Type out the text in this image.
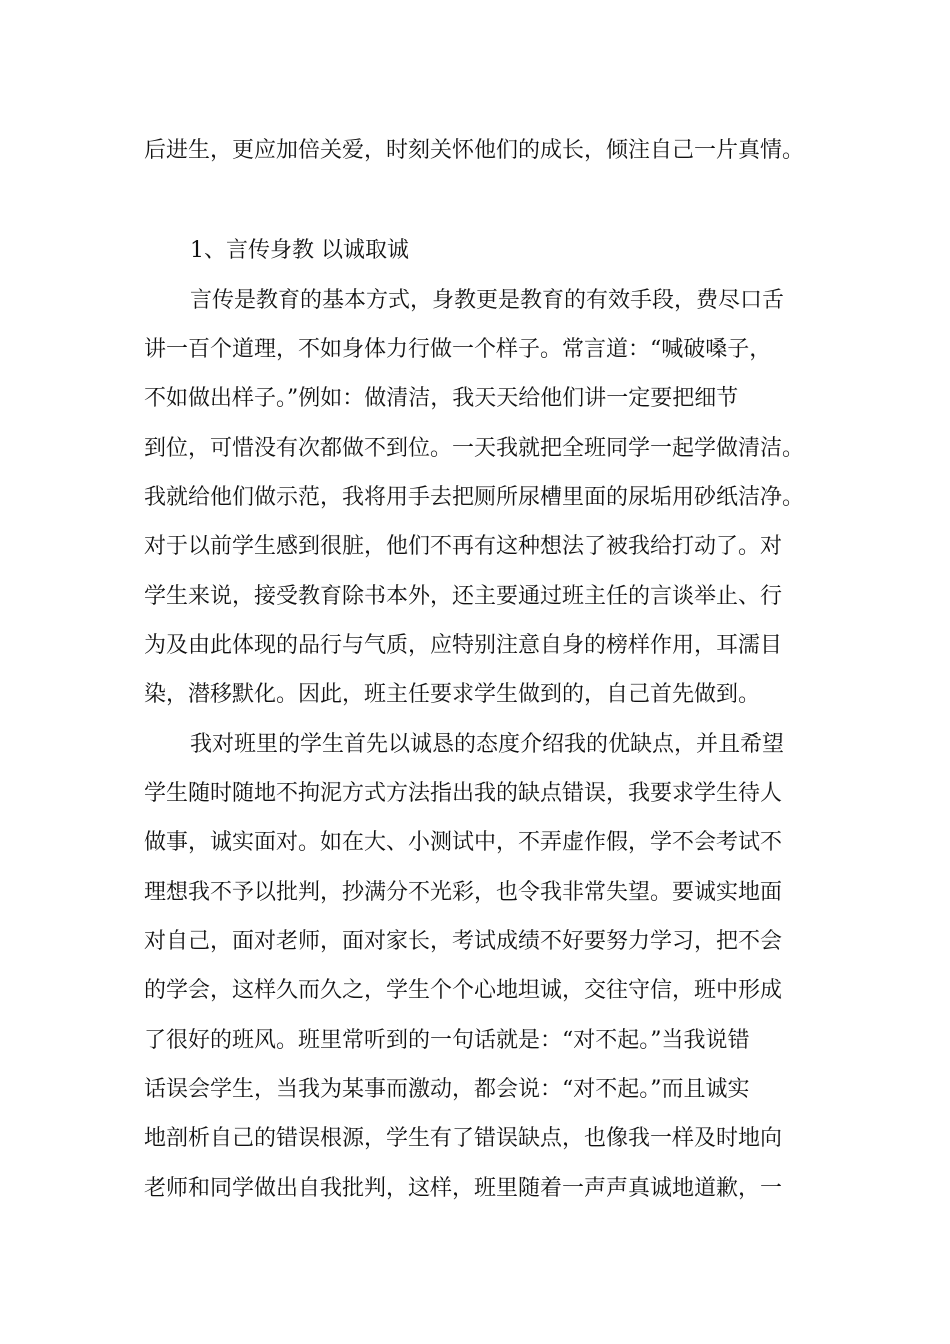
后进生，更应加倍关爱，时刻关怀他们的成长，倾注自己一片真情。

1、言传身教 以诚取诚

言传是教育的基本方式，身教更是教育的有效手段，费尽口舌

讲一百个道理，不如身体力行做一个样子。常言道：“喊破嗓子，

不如做出样子。”例如：做清洁，我天天给他们讲一定要把细节

到位，可惜没有次都做不到位。一天我就把全班同学一起学做清洁。

我就给他们做示范，我将用手去把厕所尿槽里面的尿垢用砂纸洁净。

对于以前学生感到很脏，他们不再有这种想法了被我给打动了。对

学生来说，接受教育除书本外，还主要通过班主任的言谈举止、行

为及由此体现的品行与气质，应特别注意自身的榜样作用，耳濡目

染，潜移默化。因此，班主任要求学生做到的，自己首先做到。

我对班里的学生首先以诚恳的态度介绍我的优缺点，并且希望

学生随时随地不拘泥方式方法指出我的缺点错误，我要求学生待人

做事，诚实面对。如在大、小测试中，不弄虚作假，学不会考试不

理想我不予以批判，抄满分不光彩，也令我非常失望。要诚实地面

对自己，面对老师，面对家长，考试成绩不好要努力学习，把不会

的学会，这样久而久之，学生个个心地坦诚，交往守信，班中形成

了很好的班风。班里常听到的一句话就是：“对不起。”当我说错

话误会学生，当我为某事而激动，都会说：“对不起。”而且诚实

地剖析自己的错误根源，学生有了错误缺点，也像我一样及时地向

老师和同学做出自我批判，这样，班里随着一声声真诚地道歉，一
